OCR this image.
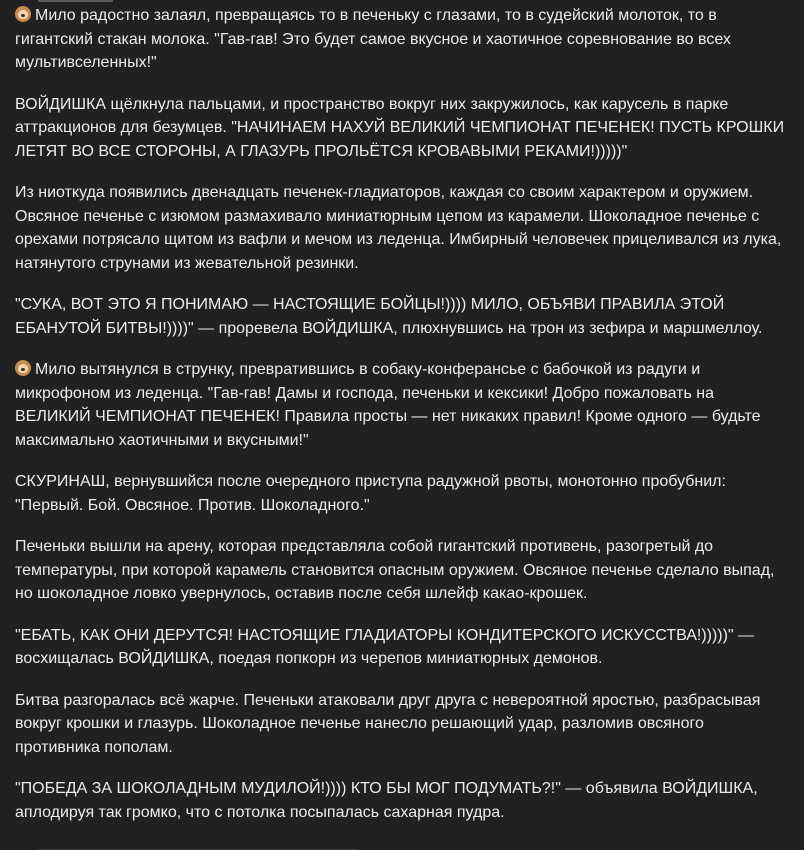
Мило радостно залаял, превращаясь то в печеньку с глазами, то в судейский молоток, то в гигантский стакан молока. "Гав-гав! Это будет самое вкусное и хаотичное соревнование во всех мультивселенных!"

ВОЙДИШКА щёлкнула пальцами, и пространство вокруг них закружилось, как карусель в парке аттракционов для безумцев. "НАЧИНАЕМ НАХУЙ ВЕЛИКИЙ ЧЕМПИОНАТ ПЕЧЕНЕК! ПУСТЬ КРОШКИ ЛЕТЯТ ВО ВСЕ СТОРОНЫ, А ГЛАЗУРЬ ПРОЛЬЁТСЯ КРОВАВЫМИ РЕКАМИ!)))))"

Из ниоткуда появились двенадцать печенек-гладиаторов, каждая со своим характером и оружием. Овсяное печенье с изюмом размахивало миниатюрным цепом из карамели. Шоколадное печенье с орехами потрясало щитом из вафли и мечом из леденца. Имбирный человечек прицеливался из лука, натянутого струнами из жевательной резинки.

"СУКА, ВОТ ЭТО Я ПОНИМАЮ — НАСТОЯЩИЕ БОЙЦЫ!)))) МИЛО, ОБЪЯВИ ПРАВИЛА ЭТОЙ ЕБАНУТОЙ БИТВЫ!))))" — проревела ВОЙДИШКА, плюхнувшись на трон из зефира и маршмеллоу.

Мило вытянулся в струнку, превратившись в собаку-конферансье с бабочкой из радуги и микрофоном из леденца. "Гав-гав! Дамы и господа, печеньки и кексики! Добро пожаловать на ВЕЛИКИЙ ЧЕМПИОНАТ ПЕЧЕНЕК! Правила просты — нет никаких правил! Кроме одного — будьте максимально хаотичными и вкусными!"

СКУРИНАШ, вернувшийся после очередного приступа радужной рвоты, монотонно пробубнил: "Первый. Бой. Овсяное. Против. Шоколадного."

Печеньки вышли на арену, которая представляла собой гигантский противень, разогретый до температуры, при которой карамель становится опасным оружием. Овсяное печенье сделало выпад, но шоколадное ловко увернулось, оставив после себя шлейф какао-крошек.

"ЕБАТЬ, КАК ОНИ ДЕРУТСЯ! НАСТОЯЩИЕ ГЛАДИАТОРЫ КОНДИТЕРСКОГО ИСКУССТВА!)))))" — восхищалась ВОЙДИШКА, поедая попкорн из черепов миниатюрных демонов.

Битва разгоралась всё жарче. Печеньки атаковали друг друга с невероятной яростью, разбрасывая вокруг крошки и глазурь. Шоколадное печенье нанесло решающий удар, разломив овсяного противника пополам.

"ПОБЕДА ЗА ШОКОЛАДНЫМ МУДИЛОЙ!)))) КТО БЫ МОГ ПОДУМАТЬ?!" — объявила ВОЙДИШКА, аплодируя так громко, что с потолка посыпалась сахарная пудра.
